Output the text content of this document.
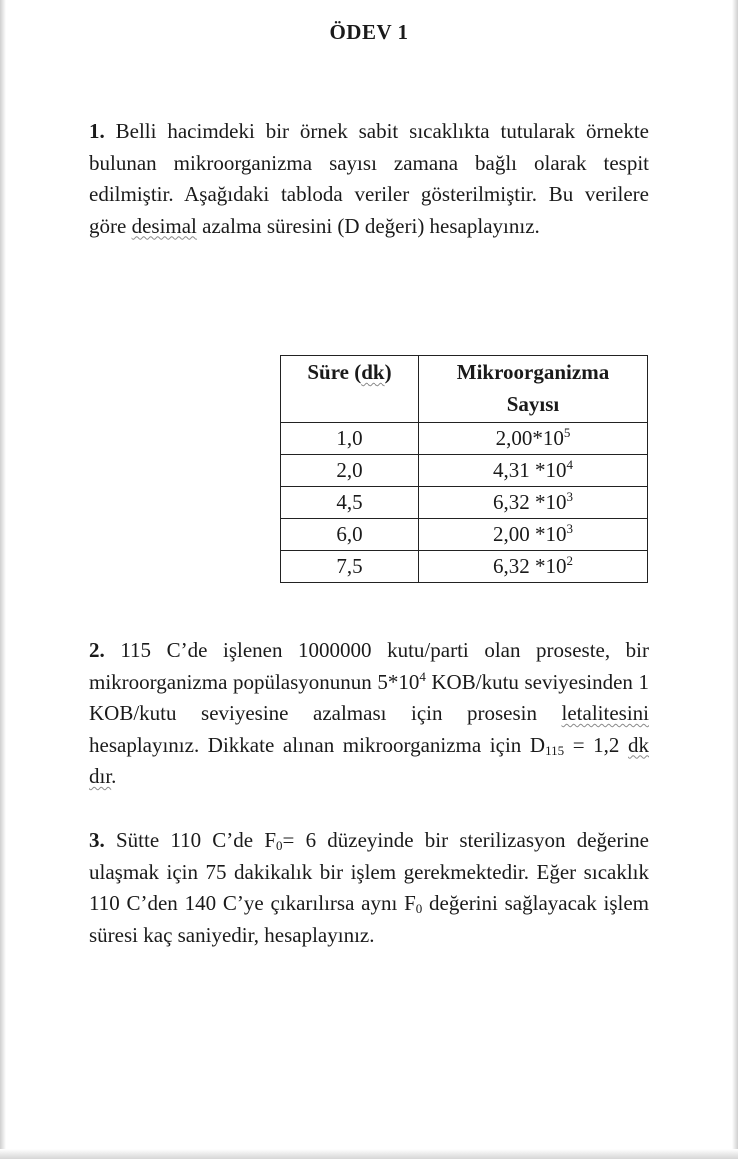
ÖDEV 1
1. Belli hacimdeki bir örnek sabit sıcaklıkta tutularak örnekte bulunan mikroorganizma sayısı zamana bağlı olarak tespit edilmiştir. Aşağıdaki tabloda veriler gösterilmiştir. Bu verilere göre desimal azalma süresini (D değeri) hesaplayınız.
Süre (dk)	Mikroorganizma
Sayısı
1,0	$2,00*10^5$
2,0	4,31 $*10^4$
4,5	6,32 $*10^3$
6,0	2,00 $*10^3$
7,5	6,32 $*10^2$
2. 115 C’de işlenen 1000000 kutu/parti olan proseste, bir mikroorganizma popülasyonunun $5*10^4$ KOB/kutu seviyesinden 1 KOB/kutu seviyesine azalması için prosesin letalitesini hesaplayınız. Dikkate alınan mikroorganizma için $D_{115} = 1,2$ dk dır.
3. Sütte 110 C’de $F_0= 6$ düzeyinde bir sterilizasyon değerine ulaşmak için 75 dakikalık bir işlem gerekmektedir. Eğer sıcaklık 110 C’den 140 C’ye çıkarılırsa aynı $F_0$ değerini sağlayacak işlem süresi kaç saniyedir, hesaplayınız.
